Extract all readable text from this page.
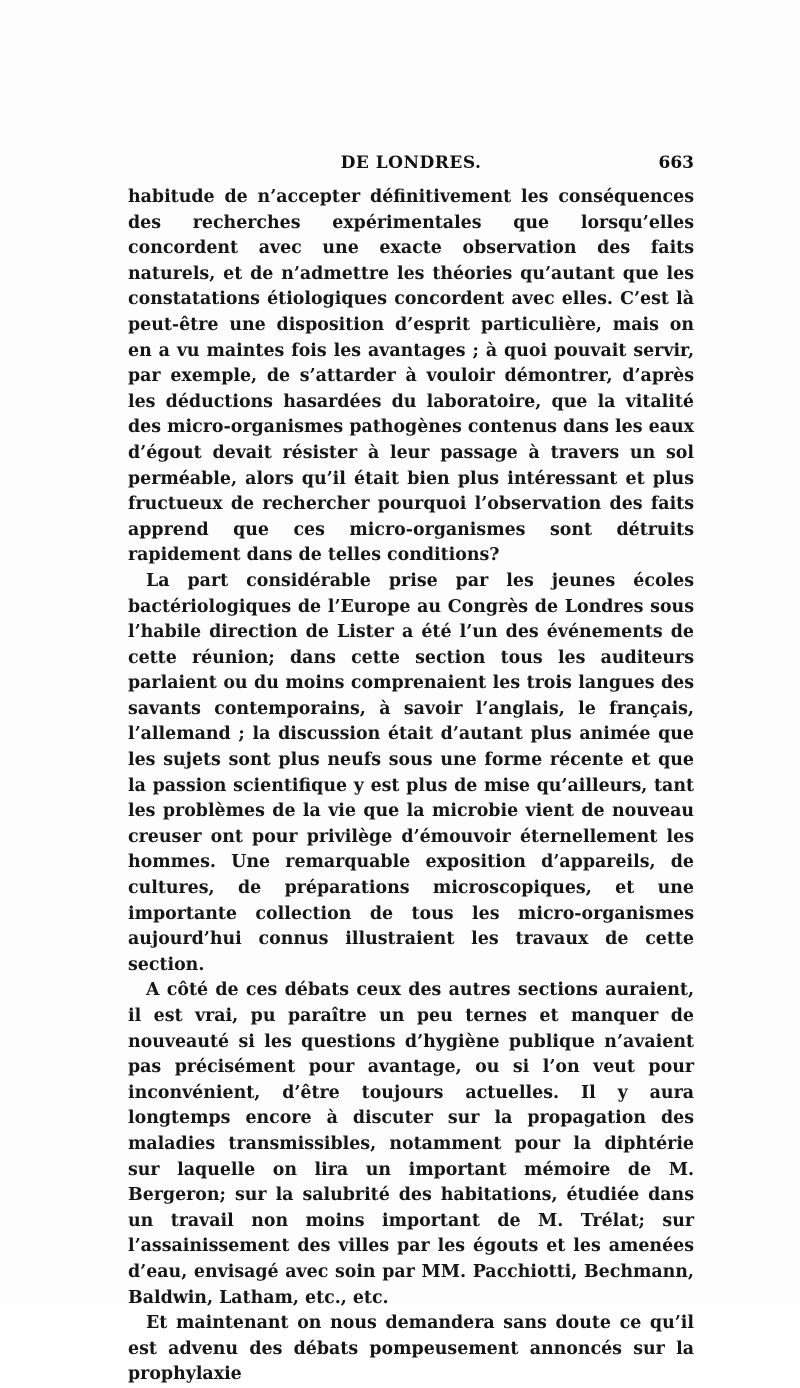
DE LONDRES.	663

habitude de n’accepter définitivement les conséquences des recherches expérimentales que lorsqu’elles concordent avec une exacte observation des faits naturels, et de n’admettre les théories qu’autant que les constatations étiologiques concordent avec elles. C’est là peut-être une disposition d’esprit particulière, mais on en a vu maintes fois les avantages ; à quoi pouvait servir, par exemple, de s’attarder à vouloir démontrer, d’après les déductions hasardées du laboratoire, que la vitalité des micro-organismes pathogènes contenus dans les eaux d’égout devait résister à leur passage à travers un sol perméable, alors qu’il était bien plus intéressant et plus fructueux de rechercher pourquoi l’observation des faits apprend que ces micro-organismes sont détruits rapidement dans de telles conditions?

La part considérable prise par les jeunes écoles bactériologiques de l’Europe au Congrès de Londres sous l’habile direction de Lister a été l’un des événements de cette réunion; dans cette section tous les auditeurs parlaient ou du moins comprenaient les trois langues des savants contemporains, à savoir l’anglais, le français, l’allemand ; la discussion était d’autant plus animée que les sujets sont plus neufs sous une forme récente et que la passion scientifique y est plus de mise qu’ailleurs, tant les problèmes de la vie que la microbie vient de nouveau creuser ont pour privilège d’émouvoir éternellement les hommes. Une remarquable exposition d’appareils, de cultures, de préparations microscopiques, et une importante collection de tous les micro-organismes aujourd’hui connus illustraient les travaux de cette section.

A côté de ces débats ceux des autres sections auraient, il est vrai, pu paraître un peu ternes et manquer de nouveauté si les questions d’hygiène publique n’avaient pas précisément pour avantage, ou si l’on veut pour inconvénient, d’être toujours actuelles. Il y aura longtemps encore à discuter sur la propagation des maladies transmissibles, notamment pour la diphtérie sur laquelle on lira un important mémoire de M. Bergeron; sur la salubrité des habitations, étudiée dans un travail non moins important de M. Trélat; sur l’assainissement des villes par les égouts et les amenées d’eau, envisagé avec soin par MM. Pacchiotti, Bechmann, Baldwin, Latham, etc., etc.

Et maintenant on nous demandera sans doute ce qu’il est advenu des débats pompeusement annoncés sur la prophylaxie
